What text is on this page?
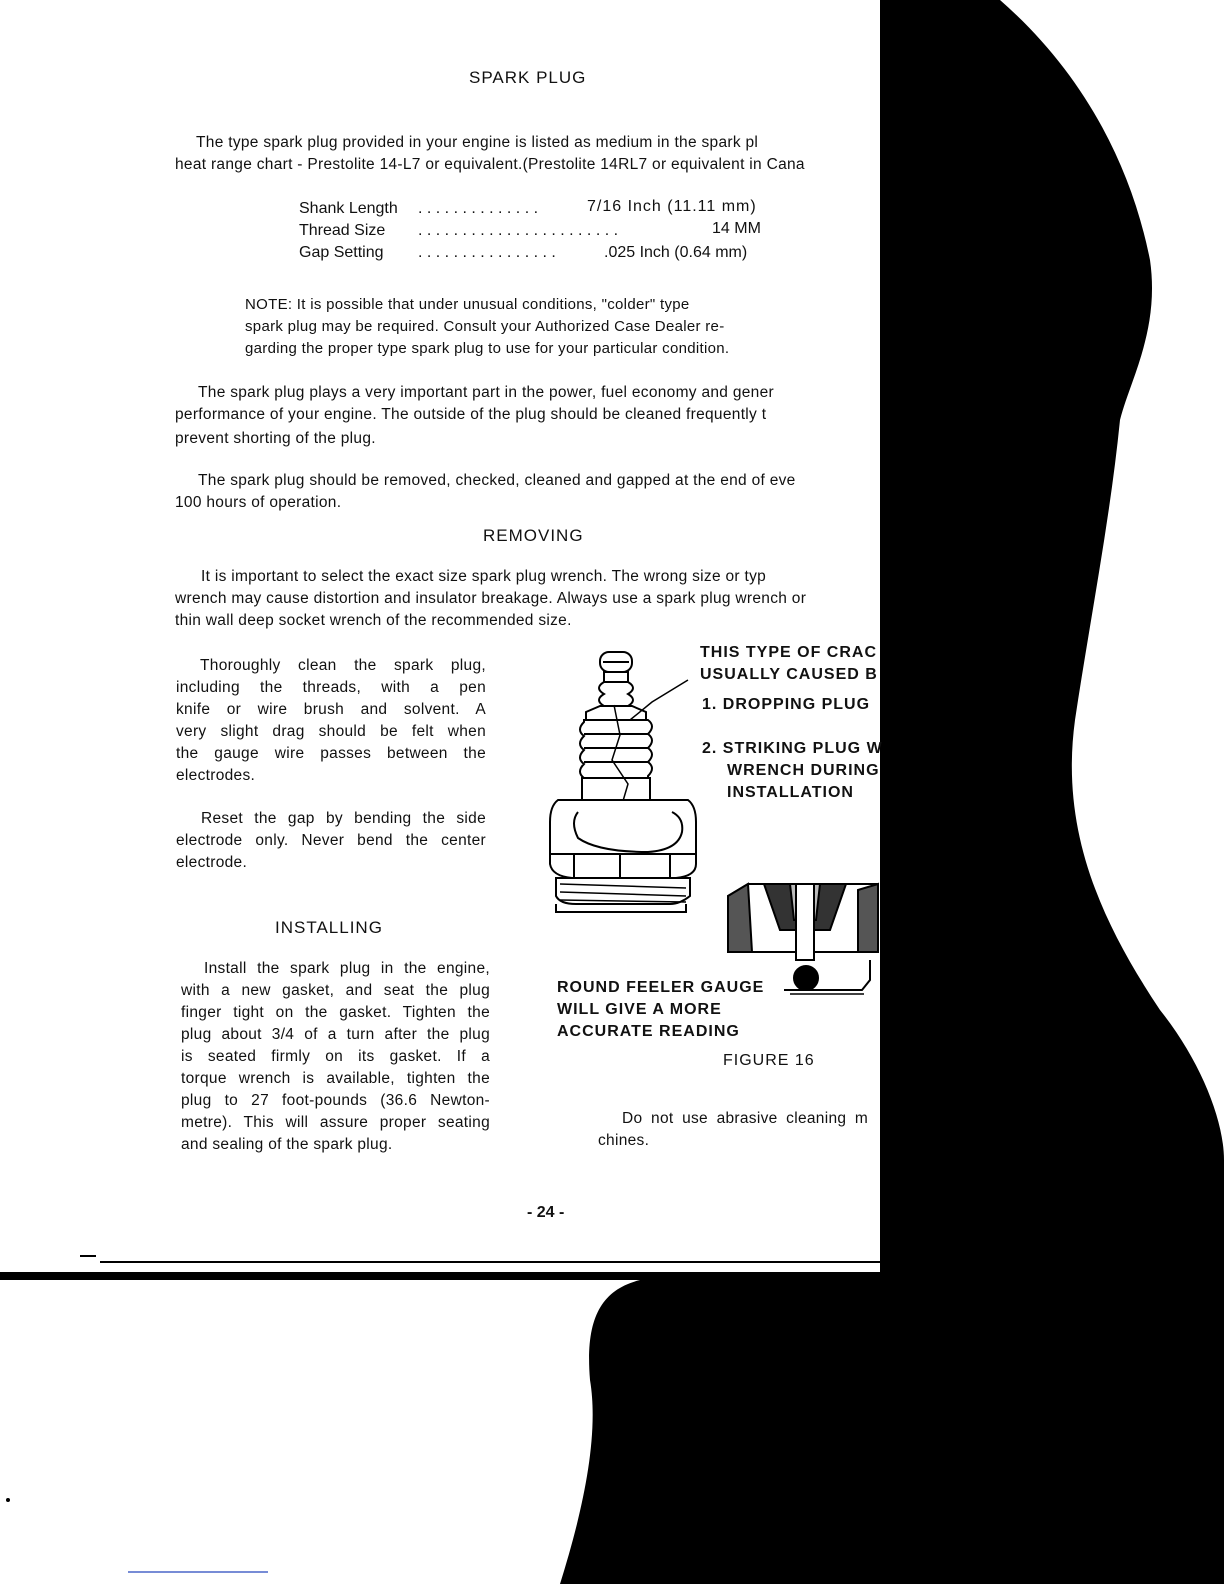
SPARK PLUG
The type spark plug provided in your engine is listed as medium in the spark pl
heat range chart - Prestolite 14-L7 or equivalent.(Prestolite 14RL7 or equivalent in Cana
Shank Length . . . . . . . . . . . . . .	7/16 Inch (11.11 mm)
Thread Size . . . . . . . . . . . . . . . . . . . . . . .	14 MM
Gap Setting . . . . . . . . . . . . . . . .	.025 Inch (0.64 mm)
NOTE: It is possible that under unusual conditions, "colder" type
spark plug may be required. Consult your Authorized Case Dealer re-
garding the proper type spark plug to use for your particular condition.
The spark plug plays a very important part in the power, fuel economy and gener
performance of your engine. The outside of the plug should be cleaned frequently t
prevent shorting of the plug.
The spark plug should be removed, checked, cleaned and gapped at the end of eve
100 hours of operation.
REMOVING
It is important to select the exact size spark plug wrench. The wrong size or typ
wrench may cause distortion and insulator breakage. Always use a spark plug wrench or
thin wall deep socket wrench of the recommended size.
Thoroughly clean the spark plug,
including the threads, with a pen
knife or wire brush and solvent. A
very slight drag should be felt when
the gauge wire passes between the
electrodes.
Reset the gap by bending the side
electrode only. Never bend the center
electrode.
INSTALLING
Install the spark plug in the engine,
with a new gasket, and seat the plug
finger tight on the gasket. Tighten the
plug about 3/4 of a turn after the plug
is seated firmly on its gasket. If a
torque wrench is available, tighten the
plug to 27 foot-pounds (36.6 Newton-
metre). This will assure proper seating
and sealing of the spark plug.
THIS TYPE OF CRAC
USUALLY CAUSED B
1. DROPPING PLUG
2. STRIKING PLUG W
WRENCH DURING
INSTALLATION
ROUND FEELER GAUGE
WILL GIVE A MORE
ACCURATE READING
FIGURE 16
Do not use abrasive cleaning m
chines.
- 24 -
